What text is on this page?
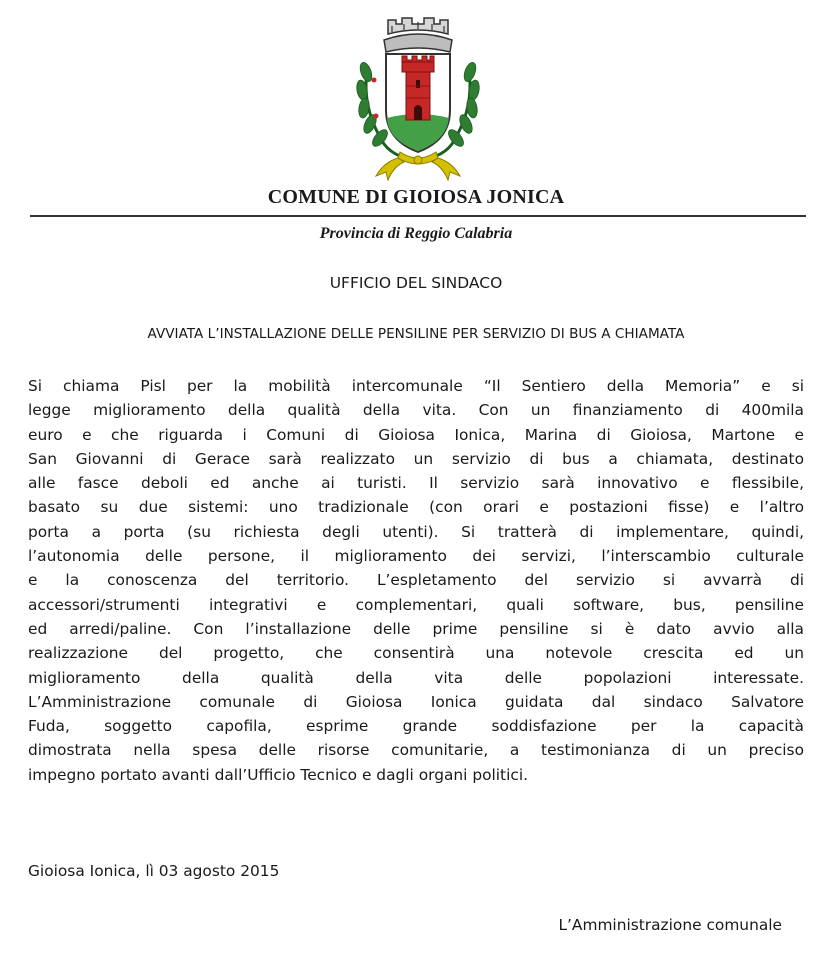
COMUNE DI GIOIOSA JONICA
Provincia di Reggio Calabria
UFFICIO DEL SINDACO
AVVIATA L’INSTALLAZIONE DELLE PENSILINE PER SERVIZIO DI BUS A CHIAMATA
Si chiama Pisl per la mobilità intercomunale “Il Sentiero della Memoria” e si
legge miglioramento della qualità della vita. Con un finanziamento di 400mila
euro e che riguarda i Comuni di Gioiosa Ionica, Marina di Gioiosa, Martone e
San Giovanni di Gerace sarà realizzato un servizio di bus a chiamata, destinato
alle fasce deboli ed anche ai turisti. Il servizio sarà innovativo e flessibile,
basato su due sistemi: uno tradizionale (con orari e postazioni fisse) e l’altro
porta a porta (su richiesta degli utenti). Si tratterà di implementare, quindi,
l’autonomia delle persone, il miglioramento dei servizi, l’interscambio culturale
e la conoscenza del territorio. L’espletamento del servizio si avvarrà di
accessori/strumenti integrativi e complementari, quali software, bus, pensiline
ed arredi/paline. Con l’installazione delle prime pensiline si è dato avvio alla
realizzazione del progetto, che consentirà una notevole crescita ed un
miglioramento della qualità della vita delle popolazioni interessate.
L’Amministrazione comunale di Gioiosa Ionica guidata dal sindaco Salvatore
Fuda, soggetto capofila, esprime grande soddisfazione per la capacità
dimostrata nella spesa delle risorse comunitarie, a testimonianza di un preciso
impegno portato avanti dall’Ufficio Tecnico e dagli organi politici.
Gioiosa Ionica, lì 03 agosto 2015
L’Amministrazione comunale
